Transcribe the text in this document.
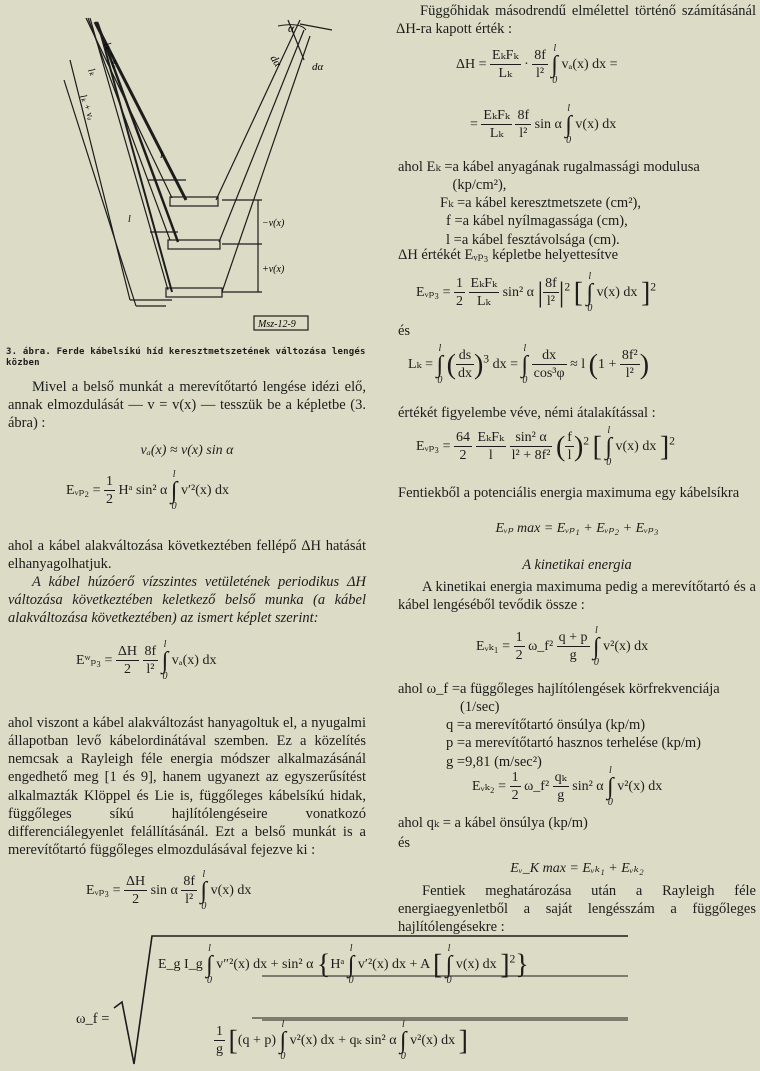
α
dα	dα
lₖ − vₐ
lₖ
lₖ + vₐ
l
l	−v(x)
+v(x)
Msz-12-9
3. ábra. Ferde kábelsíkú híd keresztmetszetének változása lengés közben

Mivel a belső munkát a merevítőtartó lengése idézi elő, annak elmozdulását — v = v(x) — tesszük be a képletbe (3. ábra) :

vₐ(x) ≈ v(x) sin α
Eᵥₚ₂ = $\frac{1}{2}$ Hᵃ sin² α
l
∫
0
v′²(x) dx

ahol a kábel alakváltozása következtében fellépő ΔH hatását elhanyagolhatjuk.

A kábel húzóerő vízszintes vetületének periodikus ΔH változása következtében keletkező belső munka (a kábel alakváltozása következtében) az ismert képlet szerint:

Eʷₚ₃ = $\frac{\Delta H}{2}$
$\frac{8f}{\text{l²}}$
l
∫
0
vₐ(x) dx

ahol viszont a kábel alakváltozást hanyagoltuk el, a nyugalmi állapotban levő kábelordinátával szemben. Ez a közelítés nemcsak a Rayleigh féle energia módszer alkalmazásánál engedhető meg [1 és 9], hanem ugyanezt az egyszerűsítést alkalmazták Klöppel és Lie is, függőleges kábelsíkú hidak, függőleges síkú hajlítólengéseire vonatkozó differenciálegyenlet felállításánál. Ezt a belső munkát is a merevítőtartó függőleges elmozdulásával fejezve ki :

Eᵥₚ₃ = $\frac{\Delta H}{2}$ sin α $\frac{8f}{\text{l²}}$
l
∫
0
v(x) dx

Függőhidak másodrendű elmélettel történő számításánál ΔH-ra kapott érték :

$\Delta H = \frac{\text{EₖFₖ}}{\text{Lₖ}} \cdot \frac{8f}{\text{l²}}$
l
∫
0
vₐ(x) dx =
= $\frac{\text{EₖFₖ}}{\text{Lₖ}}$
$\frac{8f}{\text{l²}}$ sin α
l
∫
0
v(x) dx
ahol Eₖ = a kábel anyagának rugalmassági modulusa (kp/cm²),
Fₖ = a kábel keresztmetszete (cm²),
f = a kábel nyílmagassága (cm),
l = a kábel fesztávolsága (cm).

ΔH értékét Eᵥₚ₃ képletbe helyettesítve

Eᵥₚ₃ = $\frac{1}{2}$
$\frac{\text{EₖFₖ}}{\text{Lₖ}} \sin^2$ α | $\frac{8f}{\text{l²}} |^2$ [
l
∫
0
v(x) dx ]$^2$
és
Lₖ =
l
∫
0
( $\frac{ds}{dx} )^3$ dx =
l
∫
0
$\frac{dx}{\text{cos³φ}} \approx l$ ($1 + \frac{\text{8f²}}{\text{l²}}$ )

értékét figyelembe véve, némi átalakítással :

Eᵥₚ₃ = $\frac{64}{2}$
$\frac{\text{EₖFₖ}}{l}$
$\frac{\text{sin² α}}{\text{l² + 8f²}}$ ( $\frac{f}{l} )^2$ [
l
∫
0
v(x) dx ]$^2$

Fentiekből a potenciális energia maximuma egy kábelsíkra

Eᵥₚ max = Eᵥₚ₁ + Eᵥₚ₂ + Eᵥₚ₃
A kinetikai energia

A kinetikai energia maximuma pedig a merevítőtartó és a kábel lengéséből tevődik össze :

Eᵥₖ₁ = $\frac{1}{2}$ ω_f² $\frac{q + p}{g}$
l
∫
0
v²(x) dx
ahol ω_f = a függőleges hajlítólengések körfrekvenciája (1/sec)
q = a merevítőtartó önsúlya (kp/m)
p = a merevítőtartó hasznos terhelése (kp/m)
g = 9,81 (m/sec²)
Eᵥₖ₂ = $\frac{1}{2}$ ω_f² $\frac{\text{qₖ}}{g} \sin^2$ α
l
∫
0
v²(x) dx

ahol qₖ = a kábel önsúlya (kp/m)

és
Eᵥ_K max = Eᵥₖ₁ + Eᵥₖ₂

Fentiek meghatározása után a Rayleigh féle energiaegyenletből a saját lengésszám a függőleges hajlítólengésekre :

ω_f =
E_g I_g
l
∫
0
v″²(x) dx + sin² α {Hᵃ
l
∫
0
v′²(x) dx + A [
l
∫
0
v(x) dx ]$^2$}
$\frac{1}{g} [(q + p)$
l
∫
0
v²(x) dx + qₖ sin² α
l
∫
0
v²(x) dx ]
